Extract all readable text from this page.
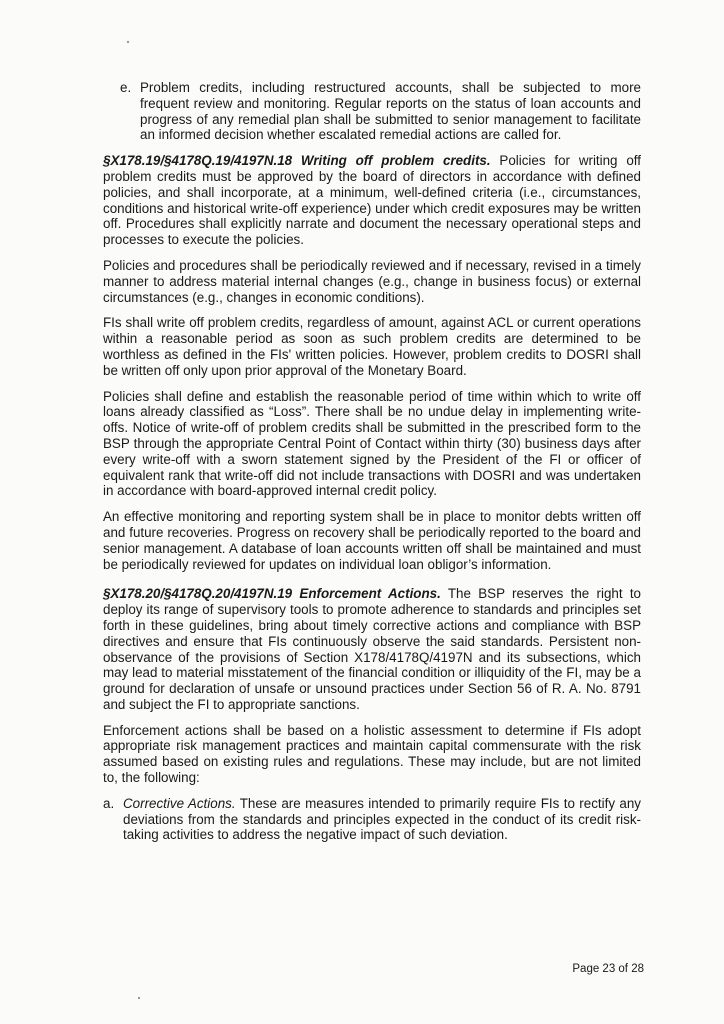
e. Problem credits, including restructured accounts, shall be subjected to more frequent review and monitoring. Regular reports on the status of loan accounts and progress of any remedial plan shall be submitted to senior management to facilitate an informed decision whether escalated remedial actions are called for.

§X178.19/§4178Q.19/4197N.18 Writing off problem credits. Policies for writing off problem credits must be approved by the board of directors in accordance with defined policies, and shall incorporate, at a minimum, well-defined criteria (i.e., circumstances, conditions and historical write-off experience) under which credit exposures may be written off. Procedures shall explicitly narrate and document the necessary operational steps and processes to execute the policies.

Policies and procedures shall be periodically reviewed and if necessary, revised in a timely manner to address material internal changes (e.g., change in business focus) or external circumstances (e.g., changes in economic conditions).

FIs shall write off problem credits, regardless of amount, against ACL or current operations within a reasonable period as soon as such problem credits are determined to be worthless as defined in the FIs' written policies. However, problem credits to DOSRI shall be written off only upon prior approval of the Monetary Board.

Policies shall define and establish the reasonable period of time within which to write off loans already classified as “Loss”. There shall be no undue delay in implementing write-offs. Notice of write-off of problem credits shall be submitted in the prescribed form to the BSP through the appropriate Central Point of Contact within thirty (30) business days after every write-off with a sworn statement signed by the President of the FI or officer of equivalent rank that write-off did not include transactions with DOSRI and was undertaken in accordance with board-approved internal credit policy.

An effective monitoring and reporting system shall be in place to monitor debts written off and future recoveries. Progress on recovery shall be periodically reported to the board and senior management. A database of loan accounts written off shall be maintained and must be periodically reviewed for updates on individual loan obligor’s information.

§X178.20/§4178Q.20/4197N.19 Enforcement Actions. The BSP reserves the right to deploy its range of supervisory tools to promote adherence to standards and principles set forth in these guidelines, bring about timely corrective actions and compliance with BSP directives and ensure that FIs continuously observe the said standards. Persistent non-observance of the provisions of Section X178/4178Q/4197N and its subsections, which may lead to material misstatement of the financial condition or illiquidity of the FI, may be a ground for declaration of unsafe or unsound practices under Section 56 of R. A. No. 8791 and subject the FI to appropriate sanctions.

Enforcement actions shall be based on a holistic assessment to determine if FIs adopt appropriate risk management practices and maintain capital commensurate with the risk assumed based on existing rules and regulations. These may include, but are not limited to, the following:

a. Corrective Actions. These are measures intended to primarily require FIs to rectify any deviations from the standards and principles expected in the conduct of its credit risk-taking activities to address the negative impact of such deviation.
Page 23 of 28
